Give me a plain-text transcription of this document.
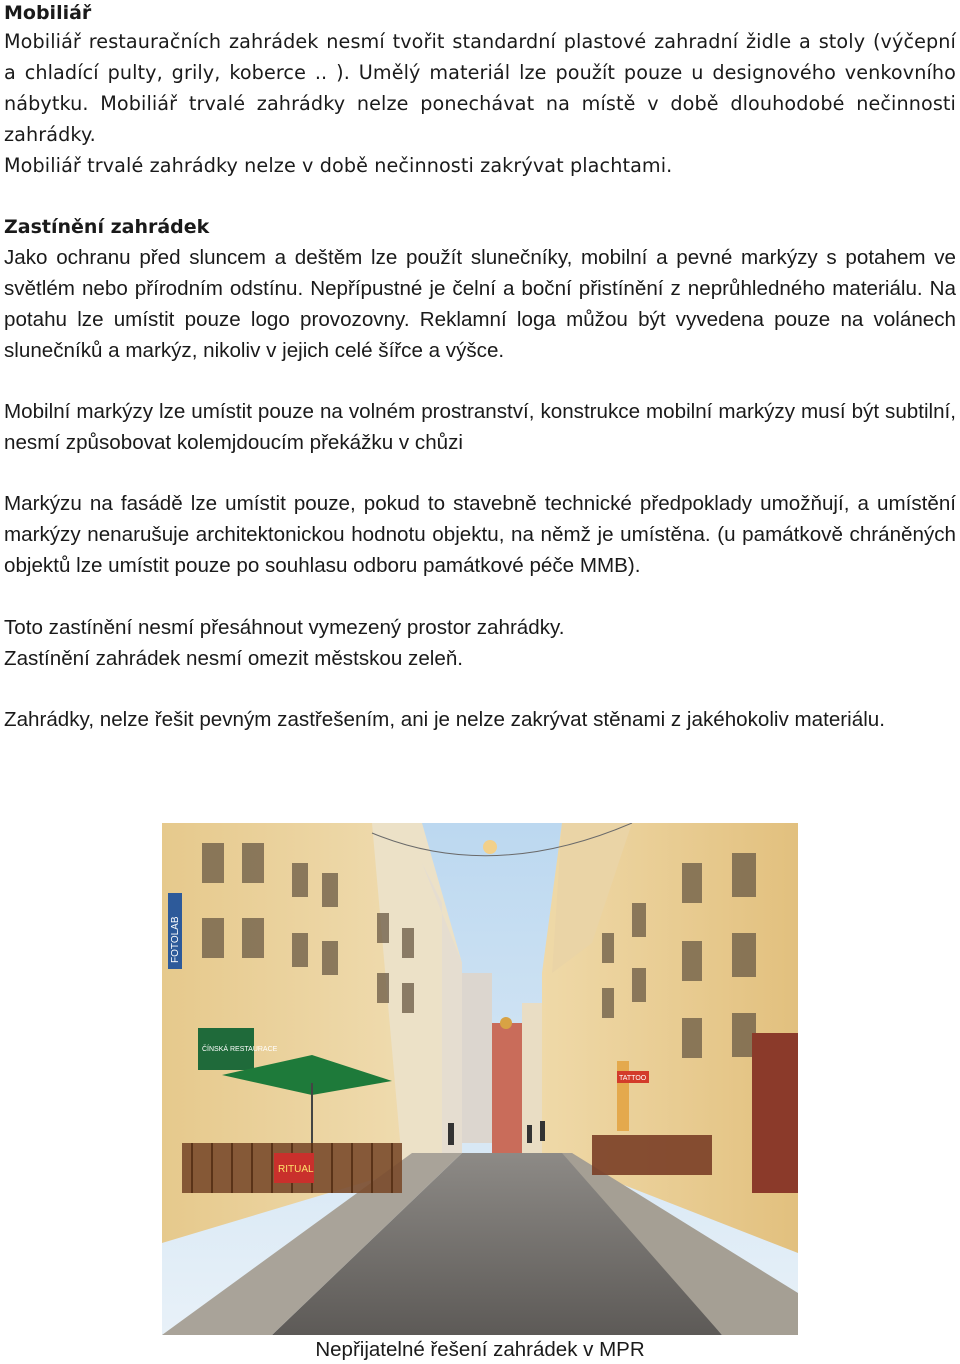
Mobiliář

Mobiliář restauračních zahrádek nesmí tvořit standardní plastové zahradní židle a stoly (výčepní a chladící pulty, grily, koberce .. ). Umělý materiál lze použít pouze u designového venkovního nábytku. Mobiliář trvalé zahrádky nelze ponechávat na místě v době dlouhodobé nečinnosti zahrádky.

Mobiliář trvalé zahrádky nelze v době nečinnosti zakrývat plachtami.

Zastínění zahrádek

Jako ochranu před sluncem a deštěm lze použít slunečníky, mobilní a pevné markýzy s potahem ve světlém nebo přírodním odstínu. Nepřípustné je čelní a boční přistínění z neprůhledného materiálu. Na potahu lze umístit pouze logo provozovny. Reklamní loga můžou být vyvedena pouze na volánech slunečníků a markýz, nikoliv v jejich celé šířce a výšce.

Mobilní markýzy lze umístit pouze na volném prostranství, konstrukce mobilní markýzy musí být subtilní, nesmí způsobovat kolemjdoucím překážku v chůzi

Markýzu na fasádě lze umístit pouze, pokud to stavebně technické předpoklady umožňují, a umístění markýzy nenarušuje architektonickou hodnotu objektu, na němž je umístěna. (u památkově chráněných objektů lze umístit pouze po souhlasu odboru památkové péče MMB).

Toto zastínění nesmí přesáhnout vymezený prostor zahrádky.

Zastínění zahrádek nesmí omezit městskou zeleň.

Zahrádky, nelze řešit pevným zastřešením, ani je nelze zakrývat stěnami z jakéhokoliv materiálu.

FOTOLAB
ČÍNSKÁ RESTAURACE
RITUAL
TATTOO
Nepřijatelné řešení zahrádek v MPR
